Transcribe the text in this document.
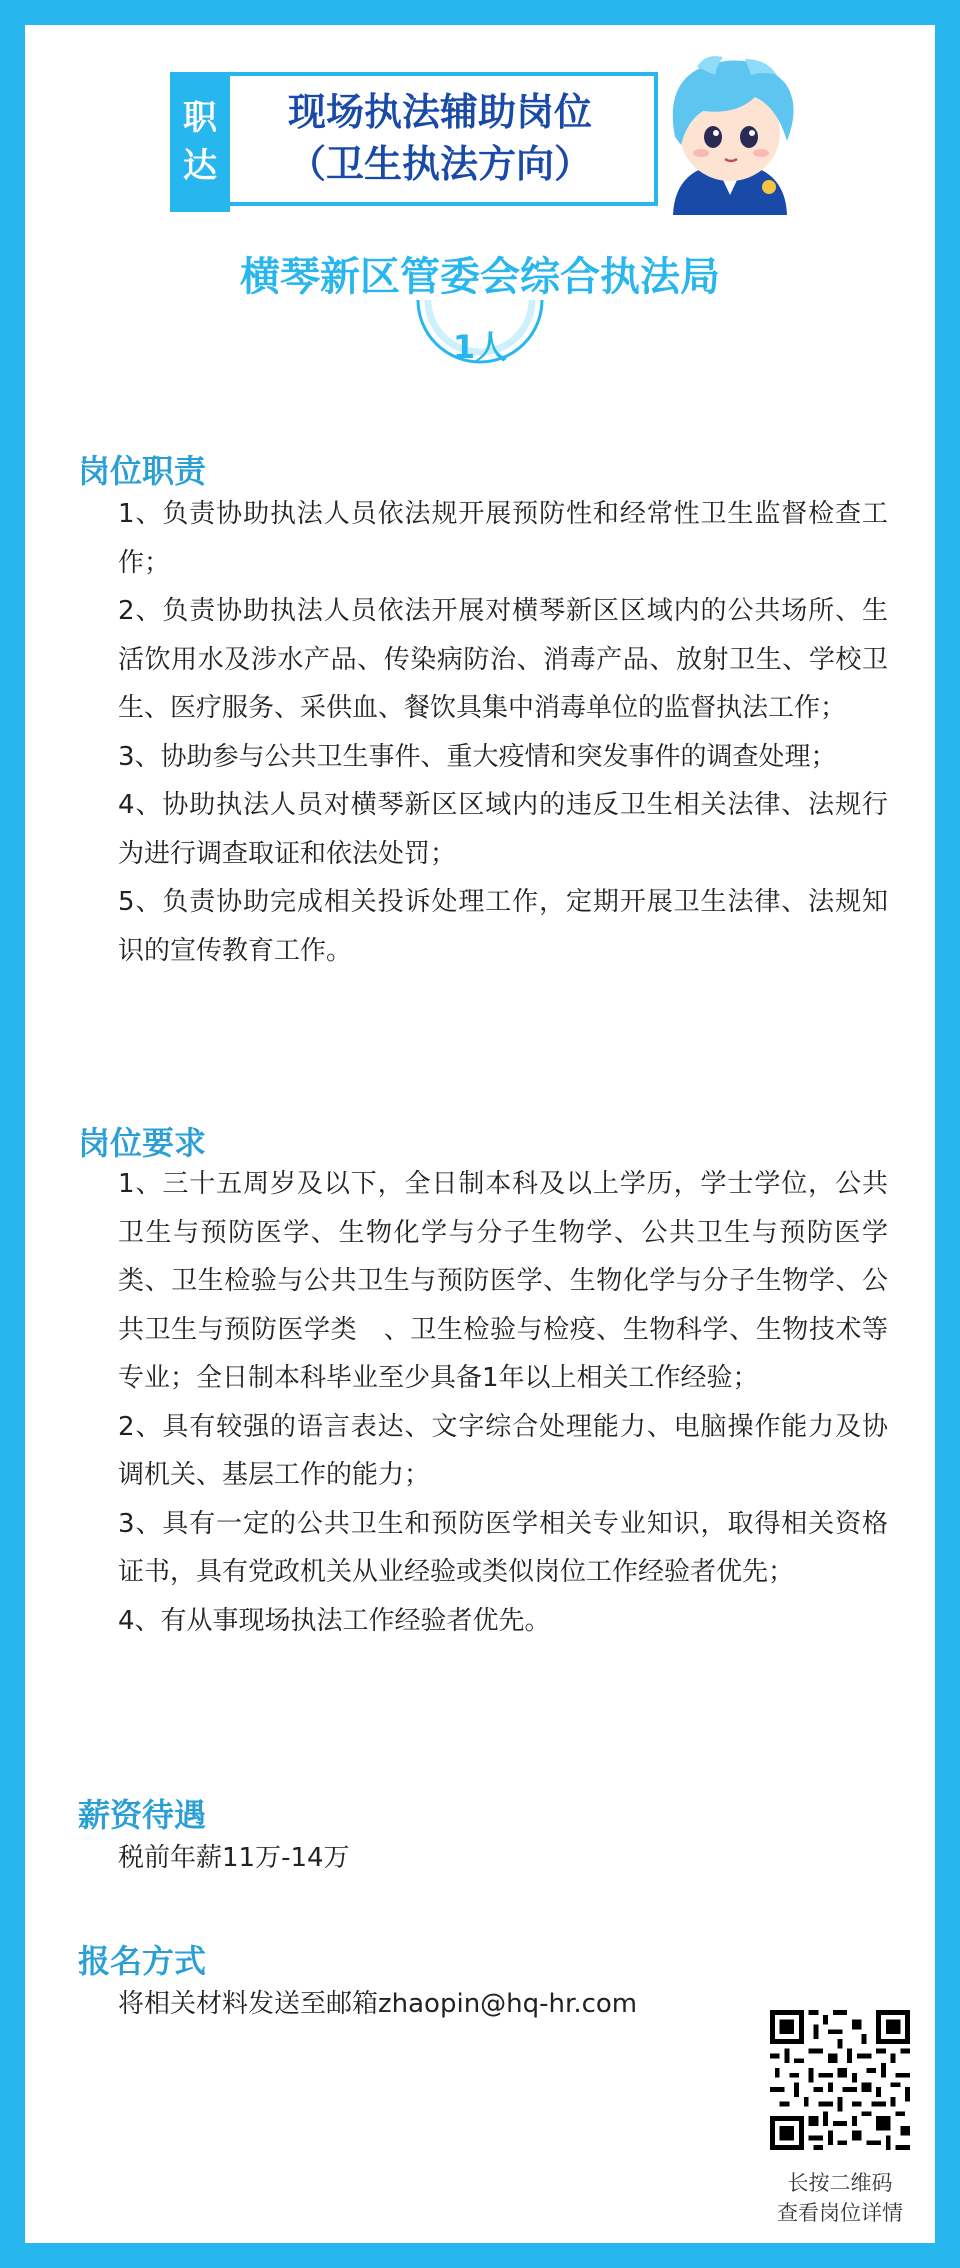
职
达
现场执法辅助岗位
（卫生执法方向）
横琴新区管委会综合执法局
1人
岗位职责

1、负责协助执法人员依法规开展预防性和经常性卫生监督检查工作；

2、负责协助执法人员依法开展对横琴新区区域内的公共场所、生活饮用水及涉水产品、传染病防治、消毒产品、放射卫生、学校卫生、医疗服务、采供血、餐饮具集中消毒单位的监督执法工作；

3、协助参与公共卫生事件、重大疫情和突发事件的调查处理；

4、协助执法人员对横琴新区区域内的违反卫生相关法律、法规行为进行调查取证和依法处罚；

5、负责协助完成相关投诉处理工作，定期开展卫生法律、法规知识的宣传教育工作。

岗位要求

1、三十五周岁及以下，全日制本科及以上学历，学士学位，公共卫生与预防医学、生物化学与分子生物学、公共卫生与预防医学类、卫生检验与公共卫生与预防医学、生物化学与分子生物学、公共卫生与预防医学类　、卫生检验与检疫、生物科学、生物技术等专业；全日制本科毕业至少具备1年以上相关工作经验；

2、具有较强的语言表达、文字综合处理能力、电脑操作能力及协调机关、基层工作的能力；

3、具有一定的公共卫生和预防医学相关专业知识，取得相关资格证书，具有党政机关从业经验或类似岗位工作经验者优先；

4、有从事现场执法工作经验者优先。

薪资待遇
税前年薪11万-14万
报名方式
将相关材料发送至邮箱zhaopin@hq-hr.com
长按二维码
查看岗位详情
